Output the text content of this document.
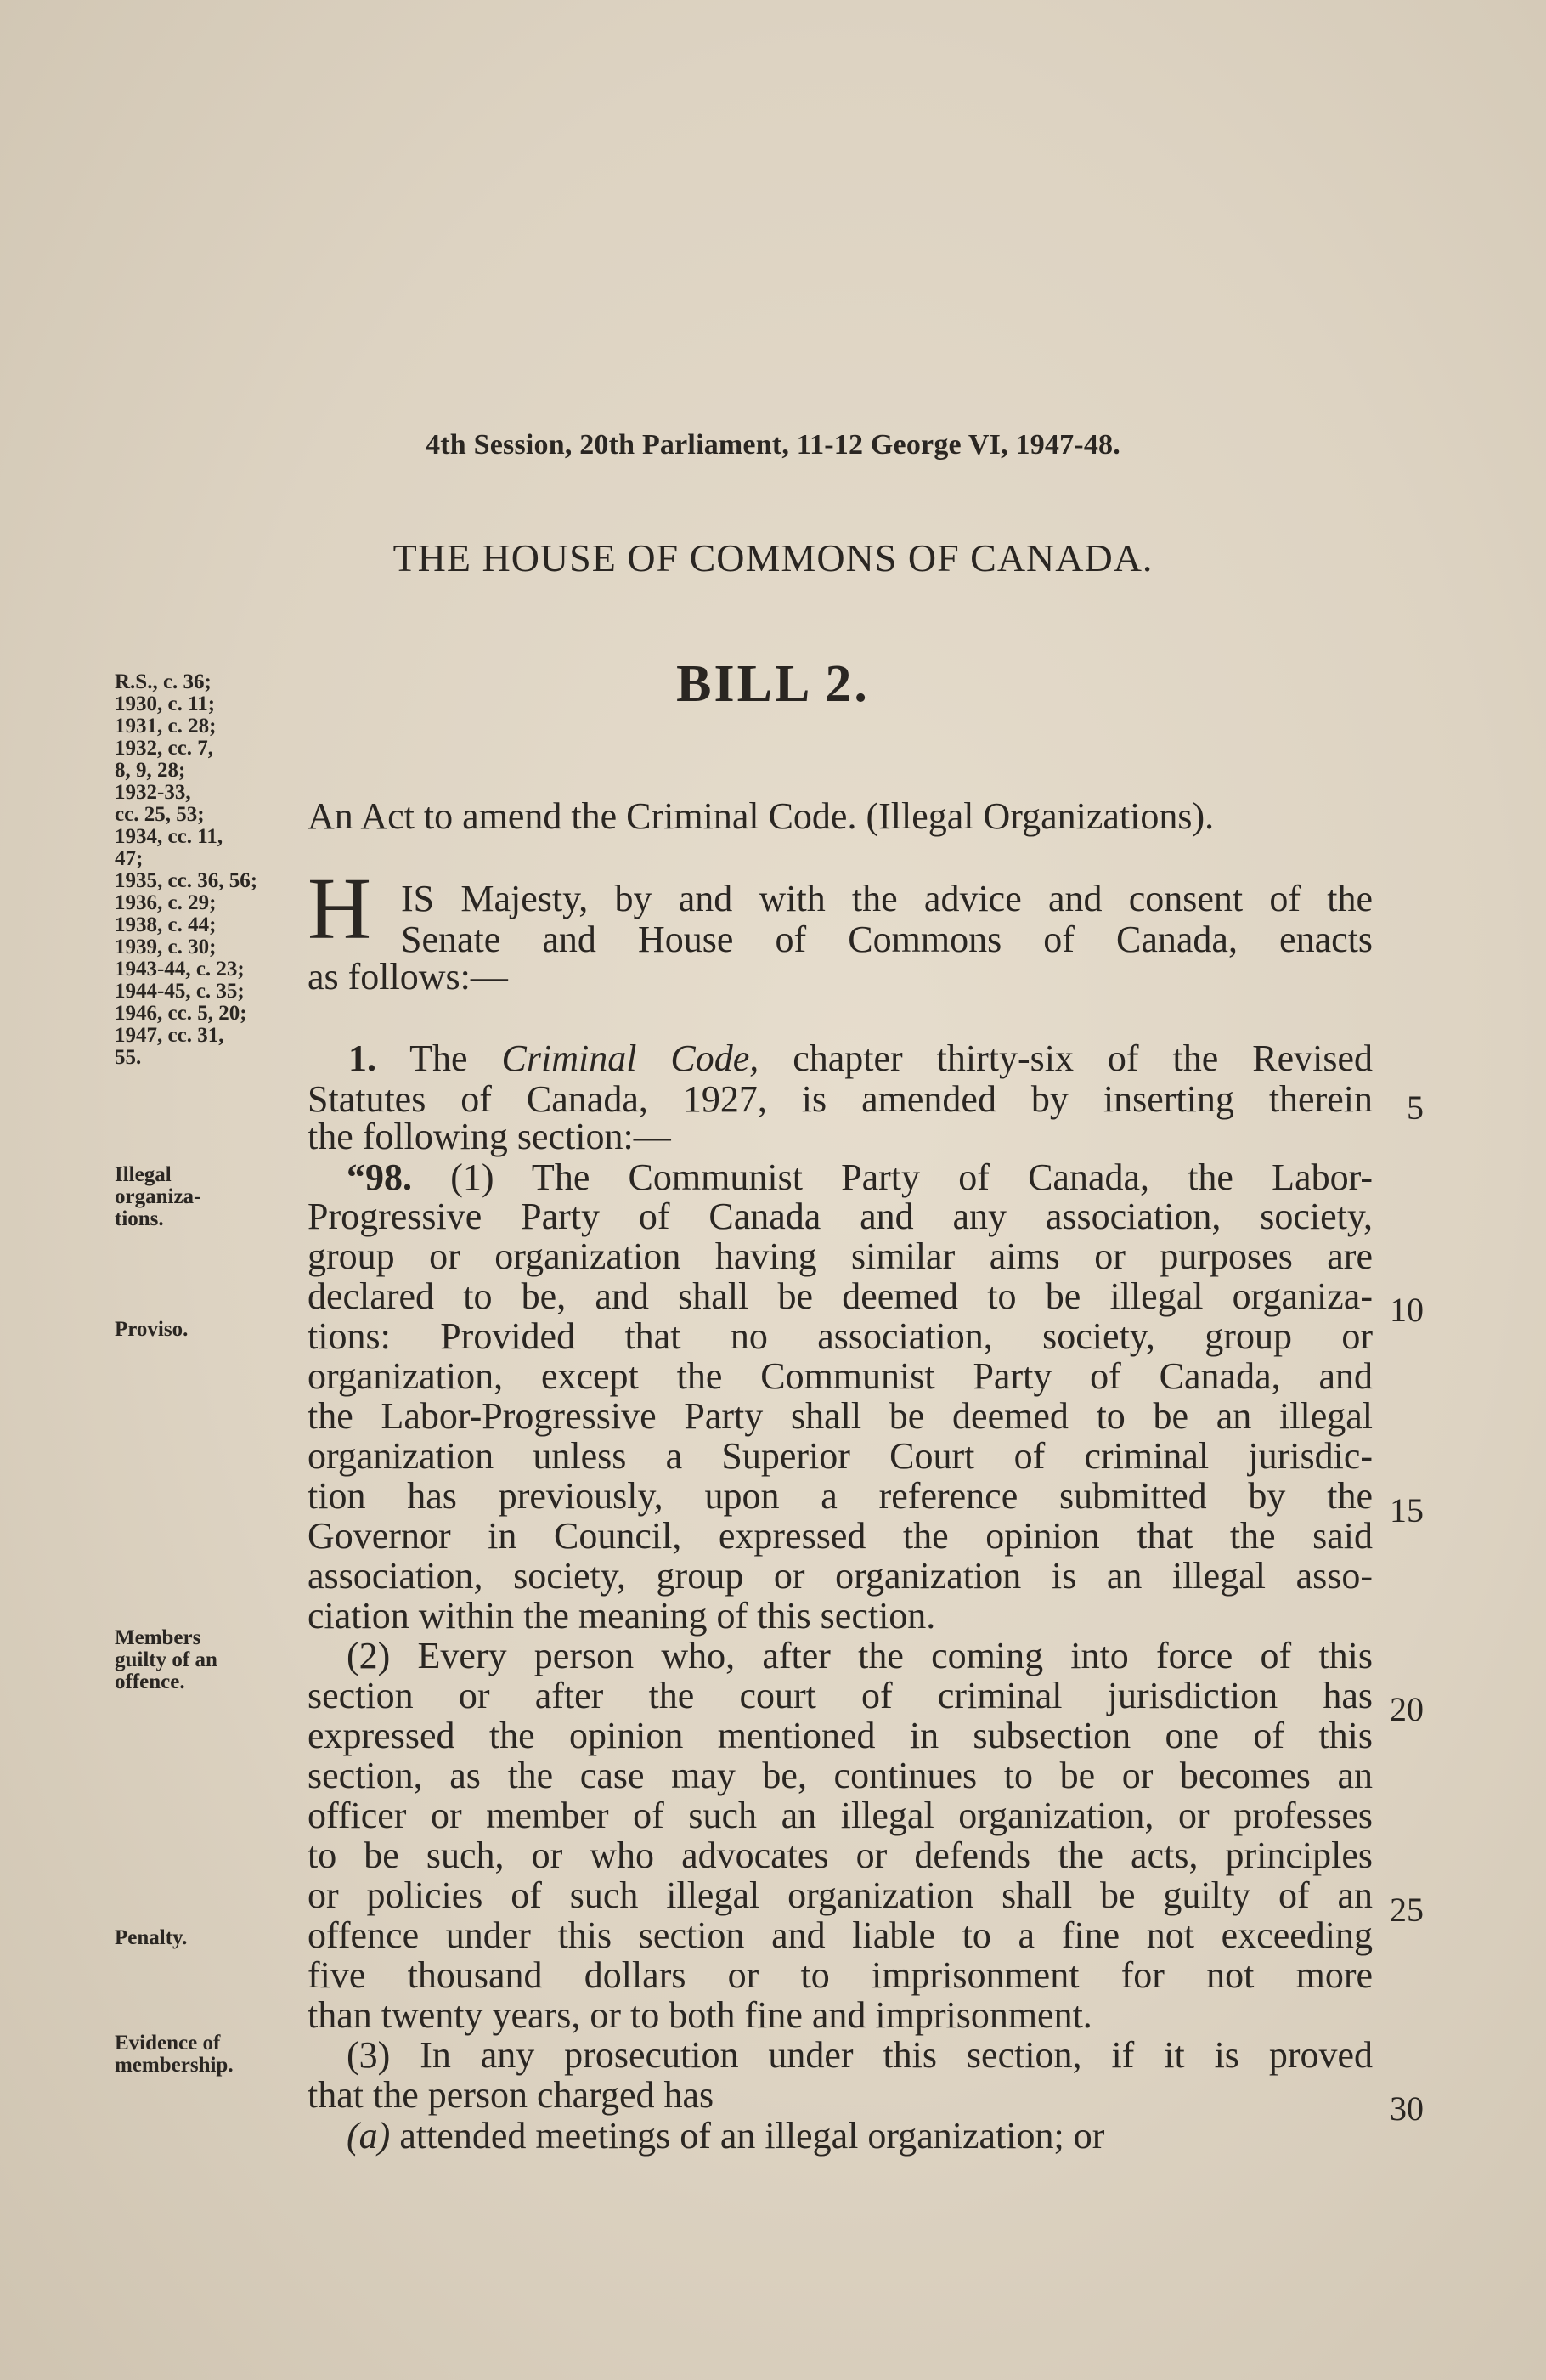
4th Session, 20th Parliament, 11-12 George VI, 1947-48.
THE HOUSE OF COMMONS OF CANADA.
BILL 2.
R.S., c. 36;
1930, c. 11;
1931, c. 28;
1932, cc. 7,
8, 9, 28;
1932-33,
cc. 25, 53;
1934, cc. 11,
47;
1935, cc. 36, 56;
1936, c. 29;
1938, c. 44;
1939, c. 30;
1943-44, c. 23;
1944-45, c. 35;
1946, cc. 5, 20;
1947, cc. 31,
55.
An Act to amend the Criminal Code. (Illegal Organizations).
H IS Majesty, by and with the advice and consent of the
Senate and House of Commons of Canada, enacts
as follows:—
1. The Criminal Code, chapter thirty-six of the Revised
Statutes of Canada, 1927, is amended by inserting therein
the following section:—
“98. (1) The Communist Party of Canada, the Labor-
Progressive Party of Canada and any association, society,
group or organization having similar aims or purposes are
declared to be, and shall be deemed to be illegal organiza-
tions: Provided that no association, society, group or
organization, except the Communist Party of Canada, and
the Labor-Progressive Party shall be deemed to be an illegal
organization unless a Superior Court of criminal jurisdic-
tion has previously, upon a reference submitted by the
Governor in Council, expressed the opinion that the said
association, society, group or organization is an illegal asso-
ciation within the meaning of this section.
(2) Every person who, after the coming into force of this
section or after the court of criminal jurisdiction has
expressed the opinion mentioned in subsection one of this
section, as the case may be, continues to be or becomes an
officer or member of such an illegal organization, or professes
to be such, or who advocates or defends the acts, principles
or policies of such illegal organization shall be guilty of an
offence under this section and liable to a fine not exceeding
five thousand dollars or to imprisonment for not more
than twenty years, or to both fine and imprisonment.
(3) In any prosecution under this section, if it is proved
that the person charged has
(a) attended meetings of an illegal organization; or
Illegal
organiza-
tions.
Proviso.
Members
guilty of an
offence.
Penalty.
Evidence of
membership.
5
10
15
20
25
30
